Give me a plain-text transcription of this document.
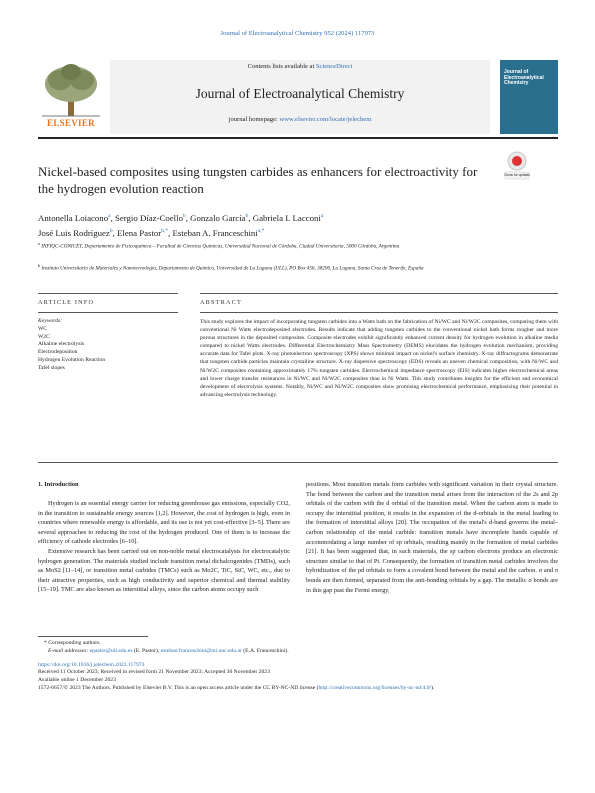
Journal of Electroanalytical Chemistry 952 (2024) 117973
ELSEVIER
Contents lists available at ScienceDirect
Journal of Electroanalytical Chemistry
journal homepage: www.elsevier.com/locate/jelechem
Journal of Electroanalytical Chemistry
Check for updates
Nickel-based composites using tungsten carbides as enhancers for electroactivity for the hydrogen evolution reaction
Antonella Loiacono$^a$, Sergio Díaz-Coello$^b$, Gonzalo García$^b$, Gabriela I. Lacconi$^a$
José Luis Rodríguez$^b$, Elena Pastor$^{b,*}$, Esteban A. Franceschini$^{a,*}$
$^a$ INFIQC-CONICET, Departamento de Fisicoquímica – Facultad de Ciencias Químicas, Universidad Nacional de Córdoba, Ciudad Universitaria, 5000 Córdoba, Argentina
$^b$ Instituto Universitario de Materiales y Nanotecnología, Departamento de Química, Universidad de La Laguna (ULL), PO Box 456, 38200, La Laguna, Santa Cruz de Tenerife, España
ARTICLE INFO	ABSTRACT
Keywords:
WC
W2C
Alkaline electrolysis
Electrodeposition
Hydrogen Evolution Reaction
Tafel slopes
This study explores the impact of incorporating tungsten carbides into a Watts bath on the fabrication of Ni/WC and Ni/W2C composites, comparing them with conventional Ni Watts electrodeposited electrodes. Results indicate that adding tungsten carbides to the conventional nickel bath forms rougher and more porous structures in the deposited composites. Composite electrodes exhibit significantly enhanced current density for hydrogen evolution in alkaline media compared to nickel Watts electrodes. Differential Electrochemistry Mass Spectrometry (DEMS) elucidates the hydrogen evolution mechanism, providing accurate data for Tafel plots. X-ray photoelectron spectroscopy (XPS) shows minimal impact on nickel's surface chemistry. X-ray diffractograms demonstrate that tungsten carbide particles maintain crystalline structure. X-ray dispersive spectroscopy (EDS) reveals an uneven chemical composition, with Ni/WC and Ni/W2C composites containing approximately 17% tungsten carbides. Electrochemical impedance spectroscopy (EIS) indicates higher electrochemical areas and lower charge transfer resistances in Ni/WC and Ni/W2C composites than in Ni Watts. This study contributes insights for the efficient and economical development of electrolysis systems. Notably, Ni/WC and Ni/W2C composites show promising electrochemical performance, emphasizing their potential in advancing electrolysis technology.
1. Introduction

Hydrogen is an essential energy carrier for reducing greenhouse gas emissions, especially CO2, in the transition to sustainable energy sources [1,2]. However, the cost of hydrogen is high, even in countries where renewable energy is affordable, and its use is not yet cost-effective [3–5]. There are several approaches to reducing the cost of the hydrogen produced. One of them is to increase the efficiency of cathode electrodes [6–10].

Extensive research has been carried out on non-noble metal electrocatalysts for electrocatalytic hydrogen generation. The materials studied include transition metal dichalcogenides (TMDs), such as MoS2 [11–14], or transition metal carbides (TMCs) such as Mo2C, TiC, SiC, WC, etc., due to their attractive properties, such as high conductivity and superior chemical and thermal stability [15–19]. TMC are also known as interstitial alloys, since the carbon atoms occupy such

positions. Most transition metals form carbides with significant variation in their crystal structure. The bond between the carbon and the transition metal arises from the interaction of the 2s and 2p orbitals of the carbon with the d orbital of the transition metal. When the carbon atom is made to occupy the interstitial position, it results in the expansion of the d-orbitals in the metal leading to the formation of interstitial alloys [20]. The occupation of the metal's d-band governs the metal–carbon relationship of the metal carbide: transition metals have incomplete bands capable of accommodating a large number of sp orbitals, resulting mainly in the formation of metal carbides [21]. It has been suggested that, in such materials, the sp carbon electrons produce an electronic structure similar to that of Pt. Consequently, the formation of transition metal carbides involves the hybridization of the pd orbitals to form a covalent bond between the metal and the carbon. σ and π bonds are then formed, separated from the anti-bonding orbitals by a gap. The metallic σ bonds are in this gap past the Fermi energy,
* Corresponding authors.
E-mail addresses: epastor@ull.edu.es (E. Pastor), esteban.franceschini@mi.unc.edu.ar (E.A. Franceschini).
https://doi.org/10.1016/j.jelechem.2023.117973
Received 11 October 2023; Received in revised form 21 November 2023; Accepted 30 November 2023
Available online 1 December 2023
1572-6657/© 2023 The Authors. Published by Elsevier B.V. This is an open access article under the CC BY-NC-ND license (http://creativecommons.org/licenses/by-nc-nd/4.0/).
